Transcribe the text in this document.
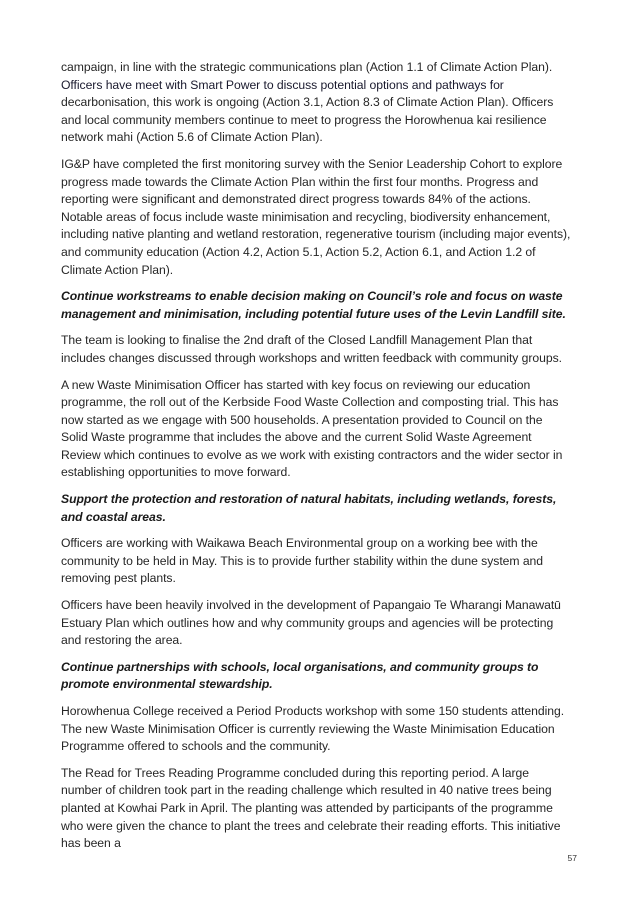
campaign, in line with the strategic communications plan (Action 1.1 of Climate Action Plan). Officers have meet with Smart Power to discuss potential options and pathways for decarbonisation, this work is ongoing (Action 3.1, Action 8.3 of Climate Action Plan). Officers and local community members continue to meet to progress the Horowhenua kai resilience network mahi (Action 5.6 of Climate Action Plan).

IG&P have completed the first monitoring survey with the Senior Leadership Cohort to explore progress made towards the Climate Action Plan within the first four months. Progress and reporting were significant and demonstrated direct progress towards 84% of the actions. Notable areas of focus include waste minimisation and recycling, biodiversity enhancement, including native planting and wetland restoration, regenerative tourism (including major events), and community education (Action 4.2, Action 5.1, Action 5.2, Action 6.1, and Action 1.2 of Climate Action Plan).

Continue workstreams to enable decision making on Council’s role and focus on waste management and minimisation, including potential future uses of the Levin Landfill site.

The team is looking to finalise the 2nd draft of the Closed Landfill Management Plan that includes changes discussed through workshops and written feedback with community groups.

A new Waste Minimisation Officer has started with key focus on reviewing our education programme, the roll out of the Kerbside Food Waste Collection and composting trial. This has now started as we engage with 500 households. A presentation provided to Council on the Solid Waste programme that includes the above and the current Solid Waste Agreement Review which continues to evolve as we work with existing contractors and the wider sector in establishing opportunities to move forward.

Support the protection and restoration of natural habitats, including wetlands, forests, and coastal areas.

Officers are working with Waikawa Beach Environmental group on a working bee with the community to be held in May. This is to provide further stability within the dune system and removing pest plants.

Officers have been heavily involved in the development of Papangaio Te Wharangi Manawatū Estuary Plan which outlines how and why community groups and agencies will be protecting and restoring the area.

Continue partnerships with schools, local organisations, and community groups to promote environmental stewardship.

Horowhenua College received a Period Products workshop with some 150 students attending. The new Waste Minimisation Officer is currently reviewing the Waste Minimisation Education Programme offered to schools and the community.

The Read for Trees Reading Programme concluded during this reporting period. A large number of children took part in the reading challenge which resulted in 40 native trees being planted at Kowhai Park in April. The planting was attended by participants of the programme who were given the chance to plant the trees and celebrate their reading efforts. This initiative has been a

57
